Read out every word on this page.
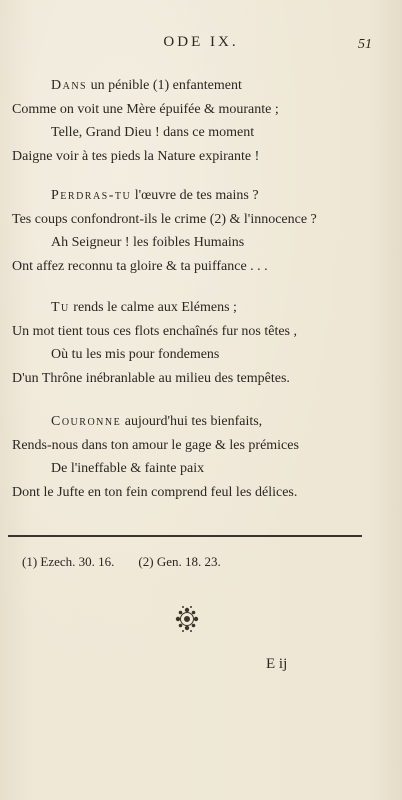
ODE IX.	51
Dans un pénible (1) enfantement
Comme on voit une Mère épuifée & mourante ;
Telle, Grand Dieu ! dans ce moment
Daigne voir à tes pieds la Nature expirante !
Perdras-tu l'œuvre de tes mains ?
Tes coups confondront-ils le crime (2) & l'innocence ?
Ah Seigneur ! les foibles Humains
Ont affez reconnu ta gloire & ta puiffance . . .
Tu rends le calme aux Elémens ;
Un mot tient tous ces flots enchaînés fur nos têtes ,
Où tu les mis pour fondemens
D'un Thrône inébranlable au milieu des tempêtes.
Couronne aujourd'hui tes bienfaits,
Rends-nous dans ton amour le gage & les prémices
De l'ineffable & fainte paix
Dont le Jufte en ton fein comprend feul les délices.
(1) Ezech. 30. 16. (2) Gen. 18. 23.
E ij
